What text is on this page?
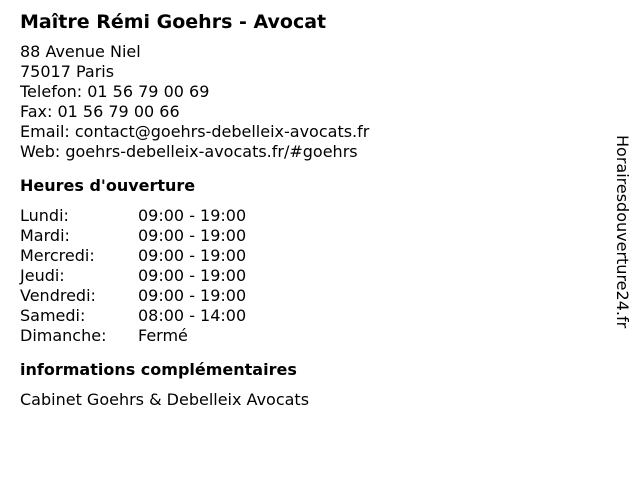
Maître Rémi Goehrs - Avocat
88 Avenue Niel
75017 Paris
Telefon: 01 56 79 00 69
Fax: 01 56 79 00 66
Email: contact@goehrs-debelleix-avocats.fr
Web: goehrs-debelleix-avocats.fr/#goehrs
Heures d'ouverture
Lundi:	09:00 - 19:00
Mardi:	09:00 - 19:00
Mercredi:	09:00 - 19:00
Jeudi:	09:00 - 19:00
Vendredi:	09:00 - 19:00
Samedi:	08:00 - 14:00
Dimanche:	Fermé
informations complémentaires
Cabinet Goehrs & Debelleix Avocats
Horairesdouverture24.fr
